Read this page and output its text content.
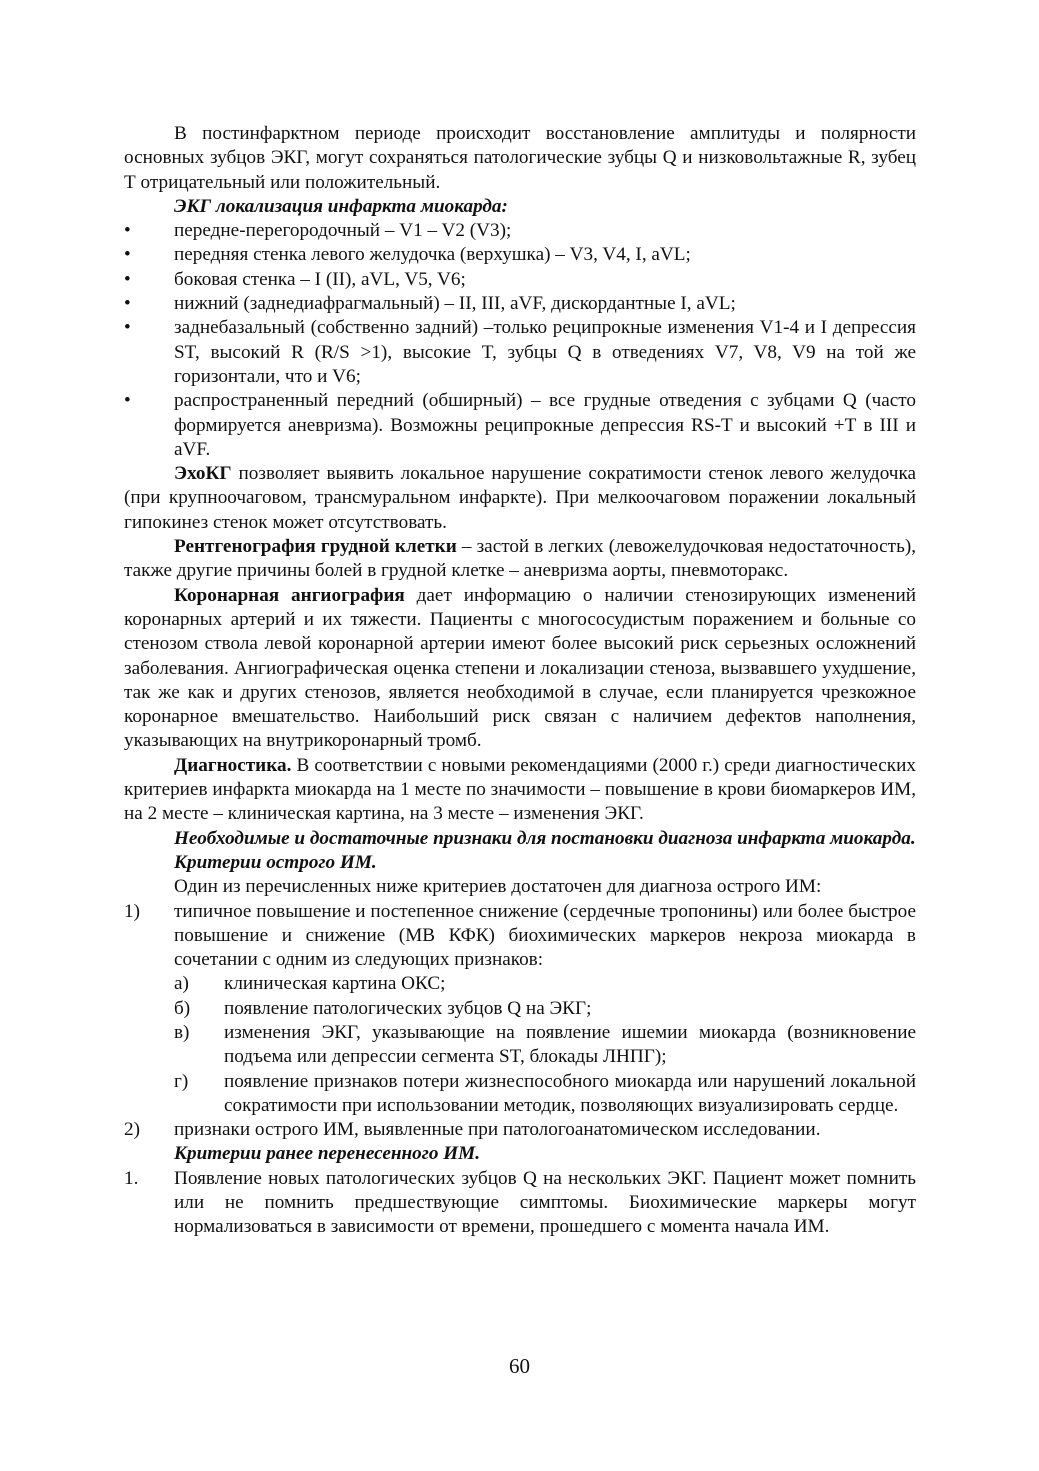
В постинфарктном периоде происходит восстановление амплитуды и полярности основных зубцов ЭКГ, могут сохраняться патологические зубцы Q и низковольтажные R, зубец Т отрицательный или положительный.

ЭКГ локализация инфаркта миокарда:

•	передне-перегородочный – V1 – V2 (V3);
•	передняя стенка левого желудочка (верхушка) – V3, V4, I, aVL;
•	боковая стенка – I (II), aVL, V5, V6;
•	нижний (заднедиафрагмальный) – II, III, aVF, дискордантные I, aVL;
•	заднебазальный (собственно задний) –только реципрокные изменения V1-4 и I депрессия ST, высокий R (R/S >1), высокие T, зубцы Q в отведениях V7, V8, V9 на той же горизонтали, что и V6;
•	распространенный передний (обширный) – все грудные отведения с зубцами Q (часто формируется аневризма). Возможны реципрокные депрессия RS-T и высокий +Т в III и aVF.

ЭхоКГ позволяет выявить локальное нарушение сократимости стенок левого желудочка (при крупноочаговом, трансмуральном инфаркте). При мелкоочаговом поражении локальный гипокинез стенок может отсутствовать.

Рентгенография грудной клетки – застой в легких (левожелудочковая недостаточность), также другие причины болей в грудной клетке – аневризма аорты, пневмоторакс.

Коронарная ангиография дает информацию о наличии стенозирующих изменений коронарных артерий и их тяжести. Пациенты с многососудистым поражением и больные со стенозом ствола левой коронарной артерии имеют более высокий риск серьезных осложнений заболевания. Ангиографическая оценка степени и локализации стеноза, вызвавшего ухудшение, так же как и других стенозов, является необходимой в случае, если планируется чрезкожное коронарное вмешательство. Наибольший риск связан с наличием дефектов наполнения, указывающих на внутрикоронарный тромб.

Диагностика. В соответствии с новыми рекомендациями (2000 г.) среди диагностических критериев инфаркта миокарда на 1 месте по значимости – повышение в крови биомаркеров ИМ, на 2 месте – клиническая картина, на 3 месте – изменения ЭКГ.

Необходимые и достаточные признаки для постановки диагноза инфаркта миокарда.

Критерии острого ИМ.

Один из перечисленных ниже критериев достаточен для диагноза острого ИМ:

1)	типичное повышение и постепенное снижение (сердечные тропонины) или более быстрое повышение и снижение (МВ КФК) биохимических маркеров некроза миокарда в сочетании с одним из следующих признаков:
а)	клиническая картина ОКС;
б)	появление патологических зубцов Q на ЭКГ;
в)	изменения ЭКГ, указывающие на появление ишемии миокарда (возникновение подъема или депрессии сегмента ST, блокады ЛНПГ);
г)	появление признаков потери жизнеспособного миокарда или нарушений локальной сократимости при использовании методик, позволяющих визуализировать сердце.
2)	признаки острого ИМ, выявленные при патологоанатомическом исследовании.

Критерии ранее перенесенного ИМ.

1.	Появление новых патологических зубцов Q на нескольких ЭКГ. Пациент может помнить или не помнить предшествующие симптомы. Биохимические маркеры могут нормализоваться в зависимости от времени, прошедшего с момента начала ИМ.
60
